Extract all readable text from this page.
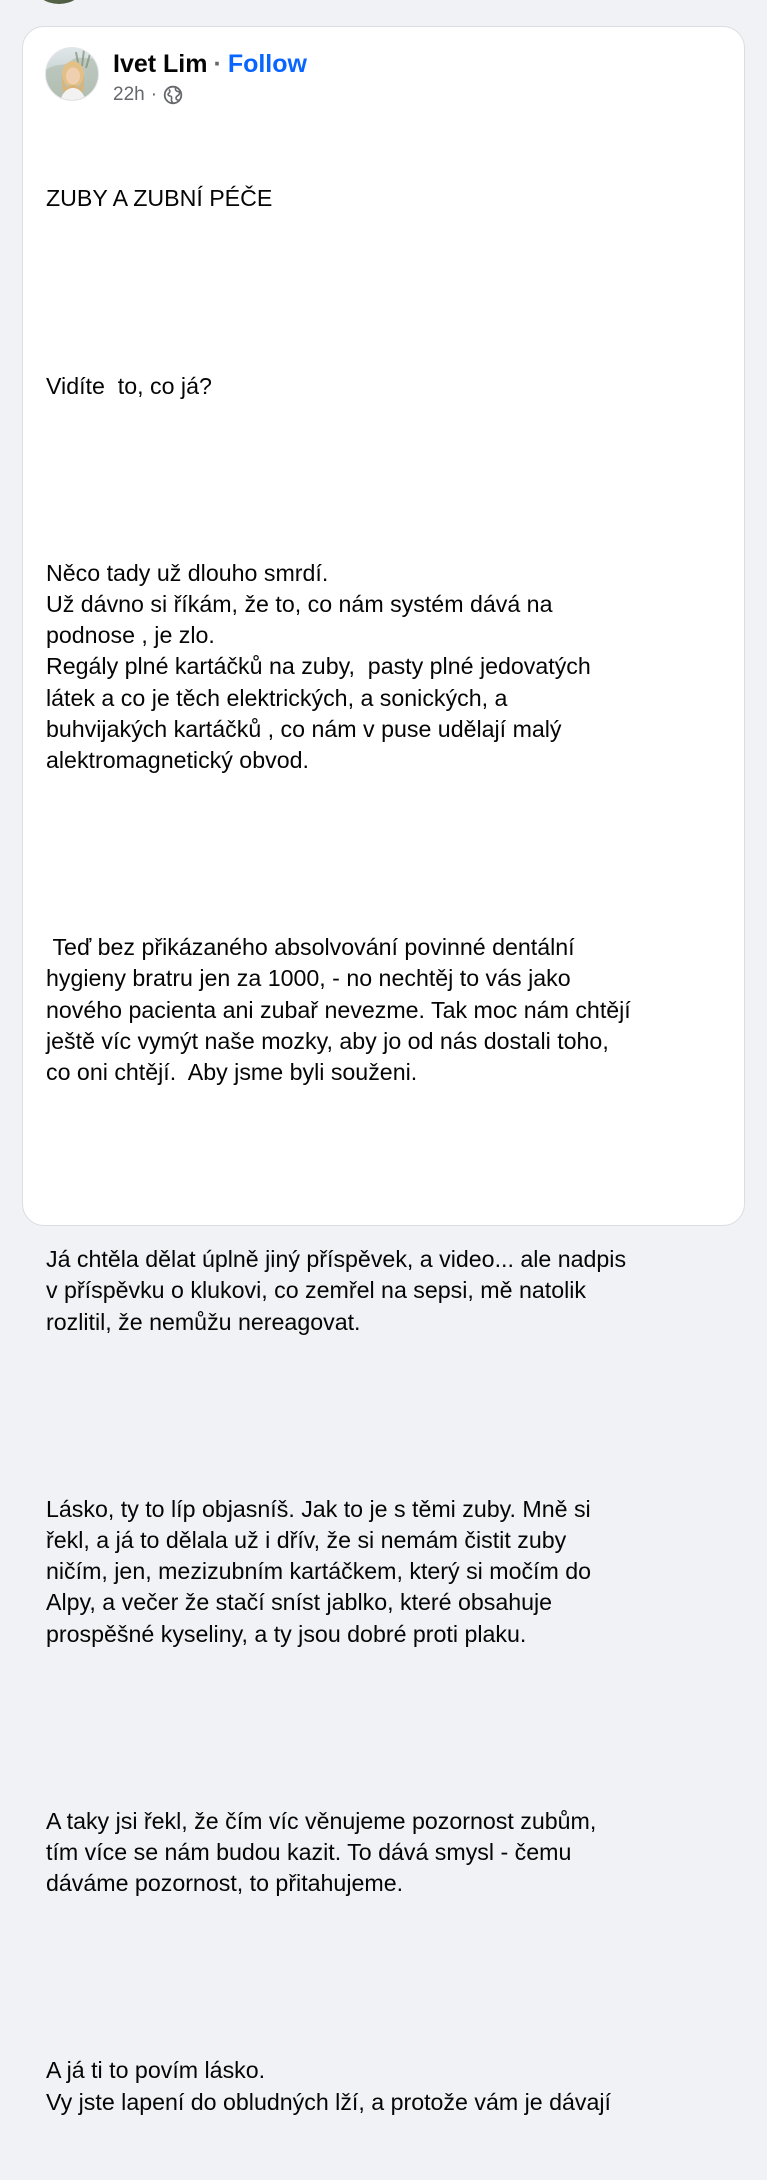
Ivet Lim · Follow
22h ·

ZUBY A ZUBNÍ PÉČE

Vidíte  to, co já?

Něco tady už dlouho smrdí.
Už dávno si říkám, že to, co nám systém dává na
podnose , je zlo.
Regály plné kartáčků na zuby,  pasty plné jedovatých
látek a co je těch elektrických, a sonických, a
buhvijakých kartáčků , co nám v puse udělají malý
alektromagnetický obvod.

Teď bez přikázaného absolvování povinné dentální
hygieny bratru jen za 1000, - no nechtěj to vás jako
nového pacienta ani zubař nevezme. Tak moc nám chtějí
ještě víc vymýt naše mozky, aby jo od nás dostali toho,
co oni chtějí.  Aby jsme byli souženi.

Já chtěla dělat úplně jiný příspěvek, a video... ale nadpis
v příspěvku o klukovi, co zemřel na sepsi, mě natolik
rozlitil, že nemůžu nereagovat.

Lásko, ty to líp objasníš. Jak to je s těmi zuby. Mně si
řekl, a já to dělala už i dřív, že si nemám čistit zuby
ničím, jen, mezizubním kartáčkem, který si močím do
Alpy, a večer že stačí sníst jablko, které obsahuje
prospěšné kyseliny, a ty jsou dobré proti plaku.

A taky jsi řekl, že čím víc věnujeme pozornost zubům,
tím více se nám budou kazit. To dává smysl - čemu
dáváme pozornost, to přitahujeme.

A já ti to povím lásko.
Vy jste lapení do obludných lží, a protože vám je dávají
